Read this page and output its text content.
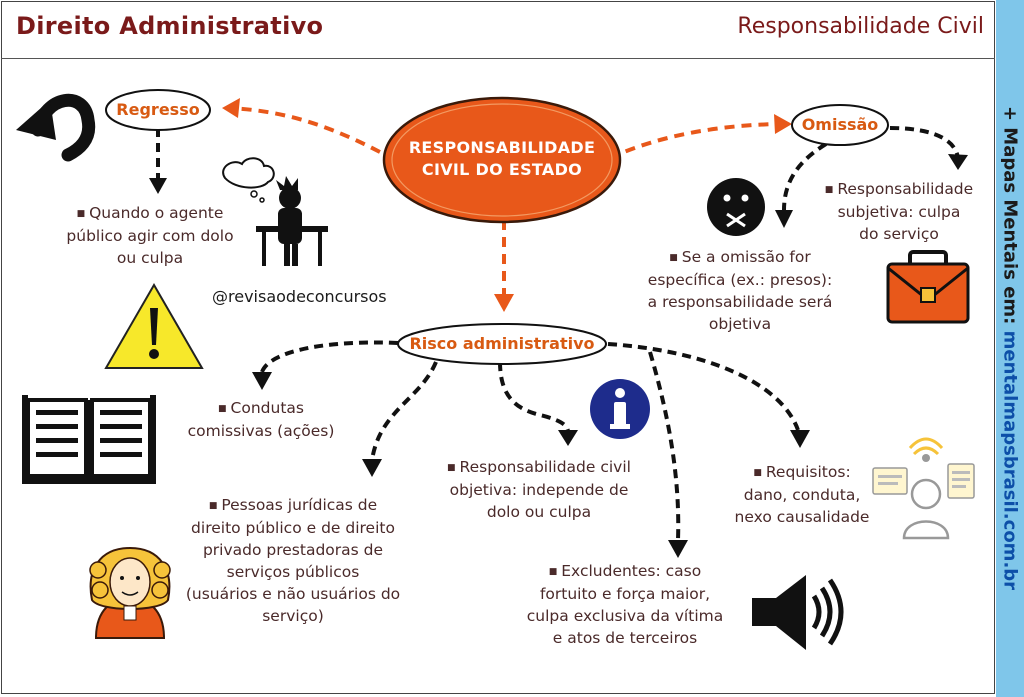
Direito Administrativo	Responsabilidade Civil
+ Mapas Mentais em: mentalmapsbrasil.com.br
RESPONSABILIDADE
CIVIL DO ESTADO
Regresso
Omissão
Risco administrativo
@revisaodeconcursos
■ Quando o agente
público agir com dolo
ou culpa
■ Responsabilidade
subjetiva: culpa
do serviço
■ Se a omissão for
específica (ex.: presos):
a responsabilidade será
objetiva
■ Condutas
comissivas (ações)
■ Pessoas jurídicas de
direito público e de direito
privado prestadoras de
serviços públicos
(usuários e não usuários do
serviço)
■ Responsabilidade civil
objetiva: independe de
dolo ou culpa
■ Excludentes: caso
fortuito e força maior,
culpa exclusiva da vítima
e atos de terceiros
■ Requisitos:
dano, conduta,
nexo causalidade
